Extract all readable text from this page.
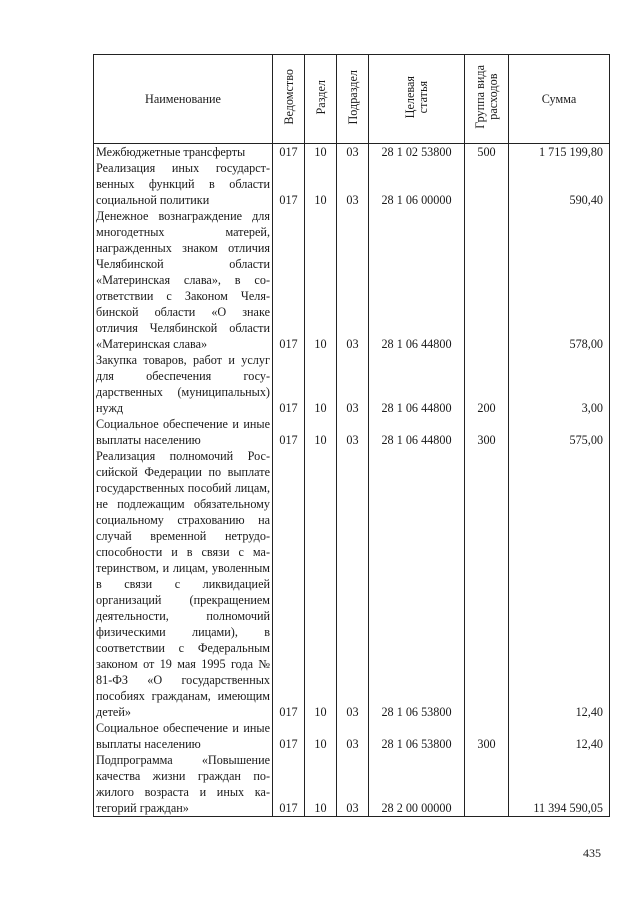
Наименование	Ведомство	Раздел	Подраздел	Целевая
статья	Группа вида
расходов	Сумма
Межбюджетные трансферты	017	10	03	28 1 02 53800	500	1 715 199,80
Реализация иных государственных функций в области социальной политики	017	10	03	28 1 06 00000		590,40
Денежное вознаграждение для многодетных матерей, награжденных знаком отличия Челябинской области «Материнская слава», в соответствии с Законом Челябинской области «О знаке отличия Челябинской области «Материнская слава»	017	10	03	28 1 06 44800		578,00
Закупка товаров, работ и услуг для обеспечения государственных (муниципальных) нужд	017	10	03	28 1 06 44800	200	3,00
Социальное обеспечение и иные выплаты населению	017	10	03	28 1 06 44800	300	575,00
Реализация полномочий Российской Федерации по выплате государственных пособий лицам, не подлежащим обязательному социальному страхованию на случай временной нетрудоспособности и в связи с материнством, и лицам, уволенным в связи с ликвидацией организаций (прекращением деятельности, полномочий физическими лицами), в соответствии с Федеральным законом от 19 мая 1995 года № 81-ФЗ «О государственных пособиях гражданам, имеющим детей»	017	10	03	28 1 06 53800		12,40
Социальное обеспечение и иные выплаты населению	017	10	03	28 1 06 53800	300	12,40
Подпрограмма «Повышение качества жизни граждан пожилого возраста и иных категорий граждан»	017	10	03	28 2 00 00000		11 394 590,05
435
